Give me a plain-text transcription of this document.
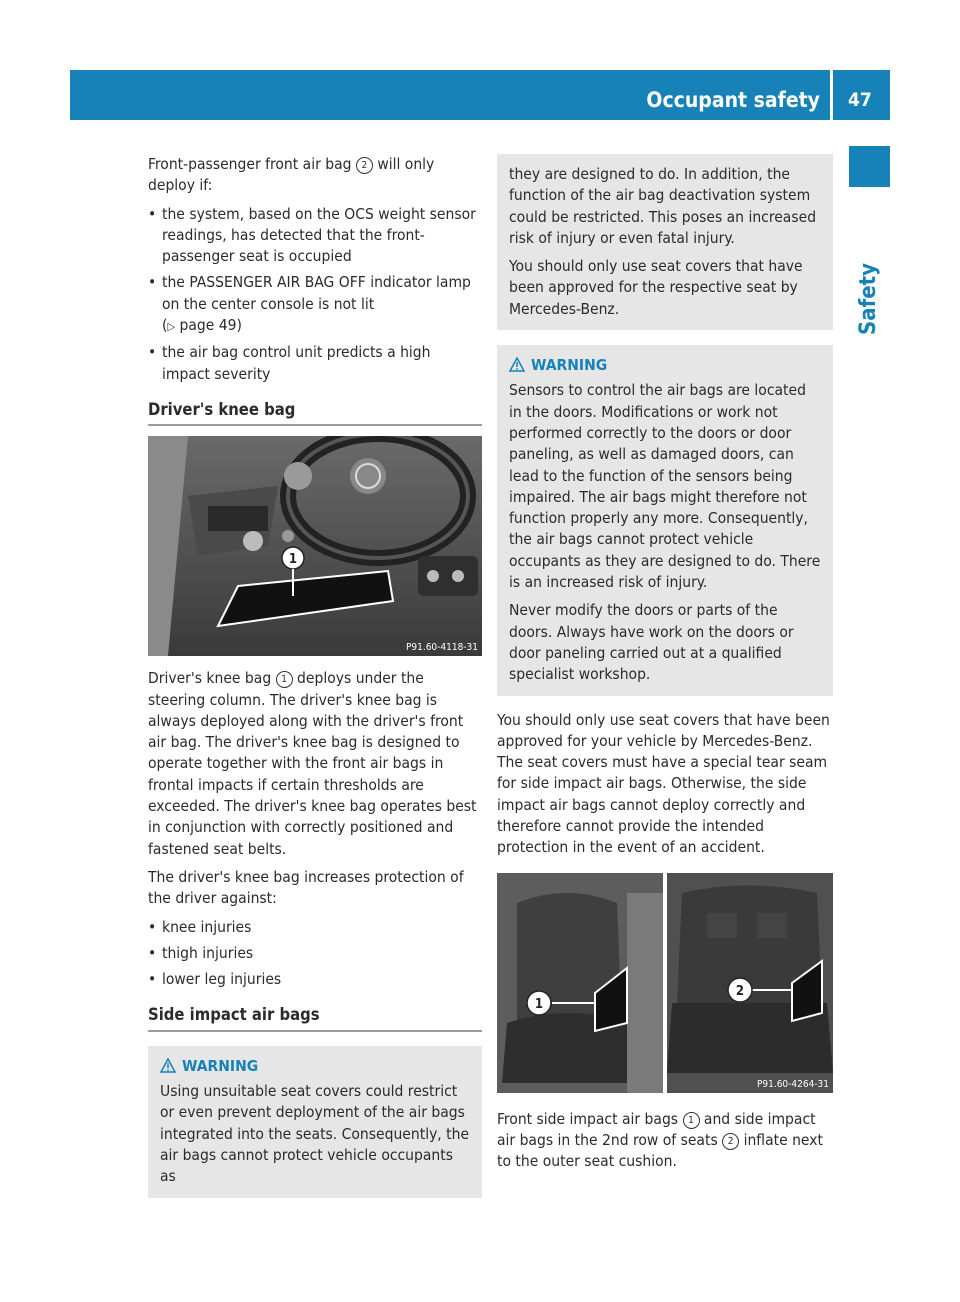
Occupant safety 47
Safety

Front-passenger front air bag 2 will only deploy if:

• the system, based on the OCS weight sensor readings, has detected that the front-passenger seat is occupied
• the PASSENGER AIR BAG OFF indicator lamp on the center console is not lit
(▷ page 49)
• the air bag control unit predicts a high impact severity
Driver's knee bag
1
P91.60-4118-31

Driver's knee bag 1 deploys under the steering column. The driver's knee bag is always deployed along with the driver's front air bag. The driver's knee bag is designed to operate together with the front air bags in frontal impacts if certain thresholds are exceeded. The driver's knee bag operates best in conjunction with correctly positioned and fastened seat belts.

The driver's knee bag increases protection of the driver against:

• knee injuries
• thigh injuries
• lower leg injuries
Side impact air bags
WARNING
Using unsuitable seat covers could restrict or even prevent deployment of the air bags integrated into the seats. Consequently, the air bags cannot protect vehicle occupants as

they are designed to do. In addition, the function of the air bag deactivation system could be restricted. This poses an increased risk of injury or even fatal injury.

You should only use seat covers that have been approved for the respective seat by Mercedes-Benz.

WARNING

Sensors to control the air bags are located in the doors. Modifications or work not performed correctly to the doors or door paneling, as well as damaged doors, can lead to the function of the sensors being impaired. The air bags might therefore not function properly any more. Consequently, the air bags cannot protect vehicle occupants as they are designed to do. There is an increased risk of injury.

Never modify the doors or parts of the doors. Always have work on the doors or door paneling carried out at a qualified specialist workshop.

You should only use seat covers that have been approved for your vehicle by Mercedes-Benz. The seat covers must have a special tear seam for side impact air bags. Otherwise, the side impact air bags cannot deploy correctly and therefore cannot provide the intended protection in the event of an accident.

1
2
P91.60-4264-31

Front side impact air bags 1 and side impact air bags in the 2nd row of seats 2 inflate next to the outer seat cushion.
